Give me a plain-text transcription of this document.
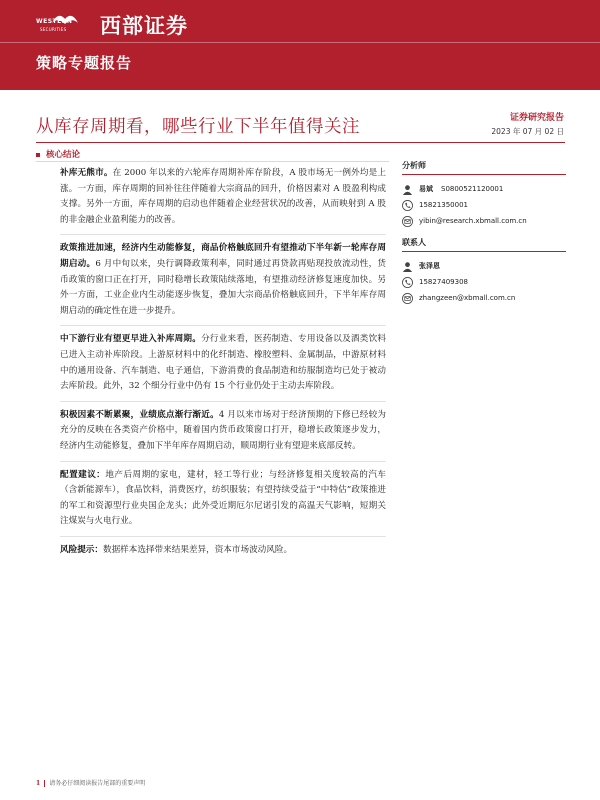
WESTERN
SECURITIES 西部证券
策略专题报告
从库存周期看，哪些行业下半年值得关注	证券研究报告
2023 年 07 月 02 日
核心结论
补库无熊市。在 2000 年以来的六轮库存周期补库存阶段，A 股市场无一例外均是上涨。一方面，库存周期的回补往往伴随着大宗商品的回升，价格因素对 A 股盈利构成支撑。另外一方面，库存周期的启动也伴随着企业经营状况的改善，从而映射到 A 股的非金融企业盈利能力的改善。
政策推进加速，经济内生动能修复，商品价格触底回升有望推动下半年新一轮库存周期启动。6 月中旬以来，央行调降政策利率，同时通过再贷款再贴现投放流动性，货币政策的窗口正在打开，同时稳增长政策陆续落地，有望推动经济修复速度加快。另外一方面，工业企业内生动能逐步恢复，叠加大宗商品价格触底回升，下半年库存周期启动的确定性在进一步提升。
中下游行业有望更早进入补库周期。分行业来看，医药制造、专用设备以及酒类饮料已进入主动补库阶段。上游原材料中的化纤制造、橡胶塑料、金属制品，中游原材料中的通用设备、汽车制造、电子通信，下游消费的食品制造和纺服制造均已处于被动去库阶段。此外，32 个细分行业中仍有 15 个行业仍处于主动去库阶段。
积极因素不断累聚，业绩底点渐行渐近。4 月以来市场对于经济预期的下修已经较为充分的反映在各类资产价格中，随着国内货币政策窗口打开，稳增长政策逐步发力，经济内生动能修复，叠加下半年库存周期启动，顺周期行业有望迎来底部反转。
配置建议：地产后周期的家电，建材，轻工等行业；与经济修复相关度较高的汽车（含新能源车），食品饮料，消费医疗，纺织服装；有望持续受益于“中特估”政策推进的军工和资源型行业央国企龙头；此外受近期厄尔尼诺引发的高温天气影响，短期关注煤炭与火电行业。
风险提示：数据样本选择带来结果差异，资本市场波动风险。
分析师
易斌 S0800521120001
15821350001
yibin@research.xbmall.com.cn
联系人
张泽恩
15827409308
zhangzeen@xbmall.com.cn
1 请务必仔细阅读报告尾部的重要声明
